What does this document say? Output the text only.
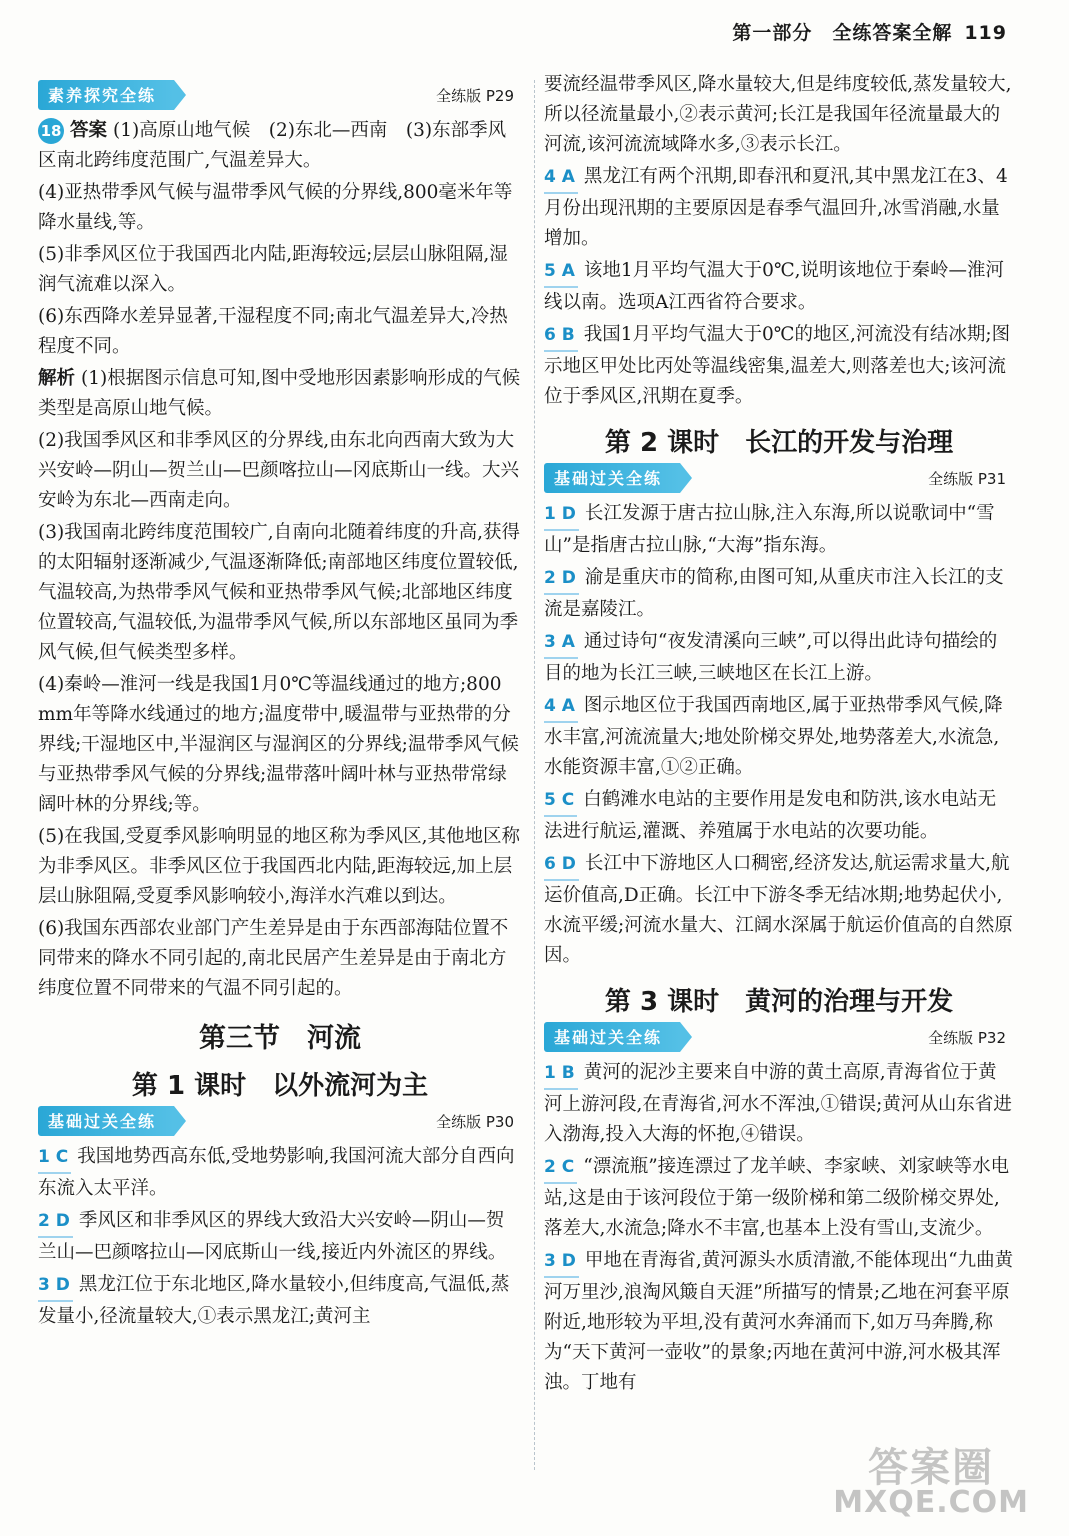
第一部分　全练答案全解 119
素养探究全练	全练版 P29

18 答案 (1)高原山地气候　(2)东北—西南　(3)东部季风区南北跨纬度范围广,气温差异大。

(4)亚热带季风气候与温带季风气候的分界线,800毫米年等降水量线,等。

(5)非季风区位于我国西北内陆,距海较远;层层山脉阻隔,湿润气流难以深入。

(6)东西降水差异显著,干湿程度不同;南北气温差异大,冷热程度不同。

解析 (1)根据图示信息可知,图中受地形因素影响形成的气候类型是高原山地气候。

(2)我国季风区和非季风区的分界线,由东北向西南大致为大兴安岭—阴山—贺兰山—巴颜喀拉山—冈底斯山一线。大兴安岭为东北—西南走向。

(3)我国南北跨纬度范围较广,自南向北随着纬度的升高,获得的太阳辐射逐渐减少,气温逐渐降低;南部地区纬度位置较低,气温较高,为热带季风气候和亚热带季风气候;北部地区纬度位置较高,气温较低,为温带季风气候,所以东部地区虽同为季风气候,但气候类型多样。

(4)秦岭—淮河一线是我国1月0℃等温线通过的地方;800 mm年等降水线通过的地方;温度带中,暖温带与亚热带的分界线;干湿地区中,半湿润区与湿润区的分界线;温带季风气候与亚热带季风气候的分界线;温带落叶阔叶林与亚热带常绿阔叶林的分界线;等。

(5)在我国,受夏季风影响明显的地区称为季风区,其他地区称为非季风区。非季风区位于我国西北内陆,距海较远,加上层层山脉阻隔,受夏季风影响较小,海洋水汽难以到达。

(6)我国东西部农业部门产生差异是由于东西部海陆位置不同带来的降水不同引起的,南北民居产生差异是由于南北方纬度位置不同带来的气温不同引起的。

第三节　河流
第 1 课时 以外流河为主
基础过关全练	全练版 P30

1 C 我国地势西高东低,受地势影响,我国河流大部分自西向东流入太平洋。

2 D 季风区和非季风区的界线大致沿大兴安岭—阴山—贺兰山—巴颜喀拉山—冈底斯山一线,接近内外流区的界线。

3 D 黑龙江位于东北地区,降水量较小,但纬度高,气温低,蒸发量小,径流量较大,①表示黑龙江;黄河主

要流经温带季风区,降水量较大,但是纬度较低,蒸发量较大,所以径流量最小,②表示黄河;长江是我国年径流量最大的河流,该河流流域降水多,③表示长江。

4 A 黑龙江有两个汛期,即春汛和夏汛,其中黑龙江在3、4月份出现汛期的主要原因是春季气温回升,冰雪消融,水量增加。

5 A 该地1月平均气温大于0℃,说明该地位于秦岭—淮河线以南。选项A江西省符合要求。

6 B 我国1月平均气温大于0℃的地区,河流没有结冰期;图示地区甲处比丙处等温线密集,温差大,则落差也大;该河流位于季风区,汛期在夏季。

第 2 课时 长江的开发与治理
基础过关全练	全练版 P31

1 D 长江发源于唐古拉山脉,注入东海,所以说歌词中“雪山”是指唐古拉山脉,“大海”指东海。

2 D 渝是重庆市的简称,由图可知,从重庆市注入长江的支流是嘉陵江。

3 A 通过诗句“夜发清溪向三峡”,可以得出此诗句描绘的目的地为长江三峡,三峡地区在长江上游。

4 A 图示地区位于我国西南地区,属于亚热带季风气候,降水丰富,河流流量大;地处阶梯交界处,地势落差大,水流急,水能资源丰富,①②正确。

5 C 白鹤滩水电站的主要作用是发电和防洪,该水电站无法进行航运,灌溉、养殖属于水电站的次要功能。

6 D 长江中下游地区人口稠密,经济发达,航运需求量大,航运价值高,D正确。长江中下游冬季无结冰期;地势起伏小,水流平缓;河流水量大、江阔水深属于航运价值高的自然原因。

第 3 课时 黄河的治理与开发
基础过关全练	全练版 P32

1 B 黄河的泥沙主要来自中游的黄土高原,青海省位于黄河上游河段,在青海省,河水不浑浊,①错误;黄河从山东省进入渤海,投入大海的怀抱,④错误。

2 C “漂流瓶”接连漂过了龙羊峡、李家峡、刘家峡等水电站,这是由于该河段位于第一级阶梯和第二级阶梯交界处,落差大,水流急;降水不丰富,也基本上没有雪山,支流少。

3 D 甲地在青海省,黄河源头水质清澈,不能体现出“九曲黄河万里沙,浪淘风簸自天涯”所描写的情景;乙地在河套平原附近,地形较为平坦,没有黄河水奔涌而下,如万马奔腾,称为“天下黄河一壶收”的景象;丙地在黄河中游,河水极其浑浊。丁地有

答案圈
MXQE.COM
